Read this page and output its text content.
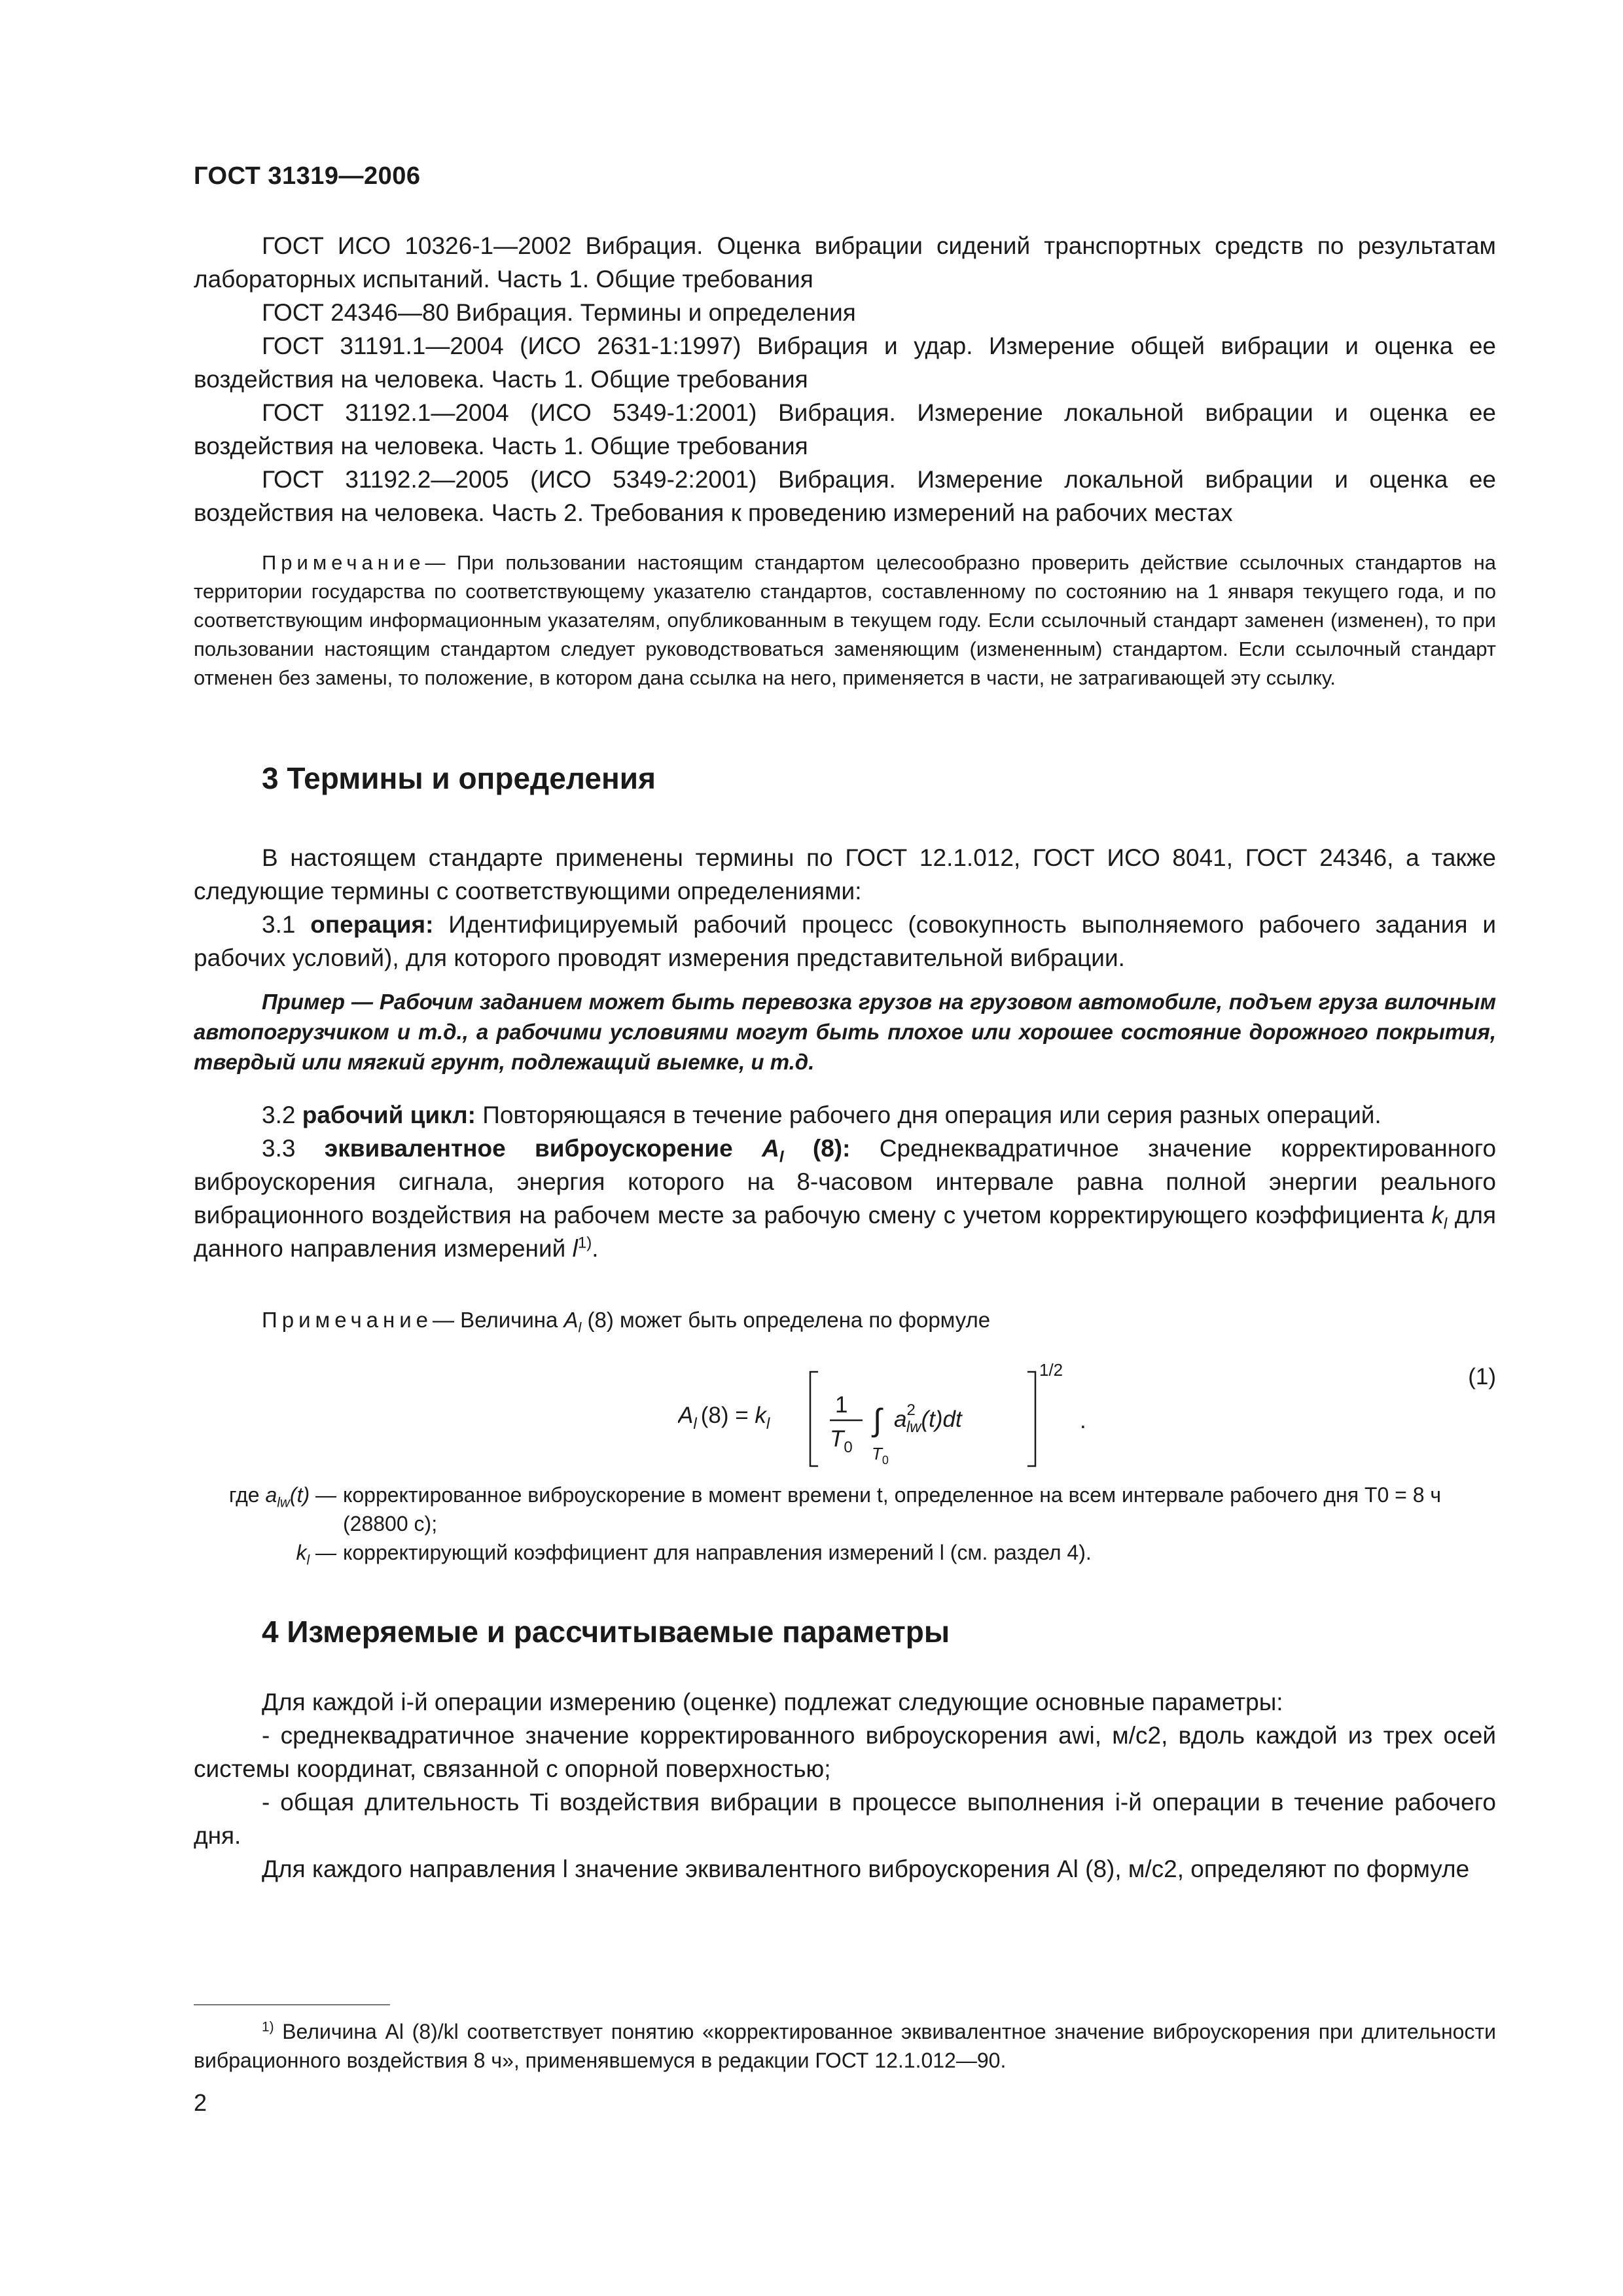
ГОСТ 31319—2006

ГОСТ ИСО 10326-1—2002 Вибрация. Оценка вибрации сидений транспортных средств по результатам лабораторных испытаний. Часть 1. Общие требования

ГОСТ 24346—80 Вибрация. Термины и определения

ГОСТ 31191.1—2004 (ИСО 2631-1:1997) Вибрация и удар. Измерение общей вибрации и оценка ее воздействия на человека. Часть 1. Общие требования

ГОСТ 31192.1—2004 (ИСО 5349-1:2001) Вибрация. Измерение локальной вибрации и оценка ее воздействия на человека. Часть 1. Общие требования

ГОСТ 31192.2—2005 (ИСО 5349-2:2001) Вибрация. Измерение локальной вибрации и оценка ее воздействия на человека. Часть 2. Требования к проведению измерений на рабочих местах

Примечание— При пользовании настоящим стандартом целесообразно проверить действие ссылочных стандартов на территории государства по соответствующему указателю стандартов, составленному по состоянию на 1 января текущего года, и по соответствующим информационным указателям, опубликованным в текущем году. Если ссылочный стандарт заменен (изменен), то при пользовании настоящим стандартом следует руководствоваться заменяющим (измененным) стандартом. Если ссылочный стандарт отменен без замены, то положение, в котором дана ссылка на него, применяется в части, не затрагивающей эту ссылку.

3 Термины и определения

В настоящем стандарте применены термины по ГОСТ 12.1.012, ГОСТ ИСО 8041, ГОСТ 24346, а также следующие термины с соответствующими определениями:

3.1 операция: Идентифицируемый рабочий процесс (совокупность выполняемого рабочего задания и рабочих условий), для которого проводят измерения представительной вибрации.

Пример — Рабочим заданием может быть перевозка грузов на грузовом автомобиле, подъем груза вилочным автопогрузчиком и т.д., а рабочими условиями могут быть плохое или хорошее состояние дорожного покрытия, твердый или мягкий грунт, подлежащий выемке, и т.д.

3.2 рабочий цикл: Повторяющаяся в течение рабочего дня операция или серия разных операций.

3.3 эквивалентное виброускорение $A_l$ (8): Среднеквадратичное значение корректированного виброускорения сигнала, энергия которого на 8-часовом интервале равна полной энергии реального вибрационного воздействия на рабочем месте за рабочую смену с учетом корректирующего коэффициента $k_l$ для данного направления измерений $l^{1)}$.

Примечание— Величина $A_l$ (8) может быть определена по формуле
$A_l$ $(8) = k_l$
1
$T_0$
∫
$T_0$
$a^2$ lw(t)dt
1/2
.
(1)
где $a_{lw}(t)$ — корректированное виброускорение в момент времени t, определенное на всем интервале рабочего дня T0 = 8 ч (28800 с);
$k_l$ — корректирующий коэффициент для направления измерений l (см. раздел 4).
4 Измеряемые и рассчитываемые параметры

Для каждой i-й операции измерению (оценке) подлежат следующие основные параметры:

- среднеквадратичное значение корректированного виброускорения awi, м/с2, вдоль каждой из трех осей системы координат, связанной с опорной поверхностью;

- общая длительность Ti воздействия вибрации в процессе выполнения i-й операции в течение рабочего дня.

Для каждого направления l значение эквивалентного виброускорения Al (8), м/с2, определяют по формуле

$^{1)}$ Величина Al (8)/kl соответствует понятию «корректированное эквивалентное значение виброускорения при длительности вибрационного воздействия 8 ч», применявшемуся в редакции ГОСТ 12.1.012—90.

2
